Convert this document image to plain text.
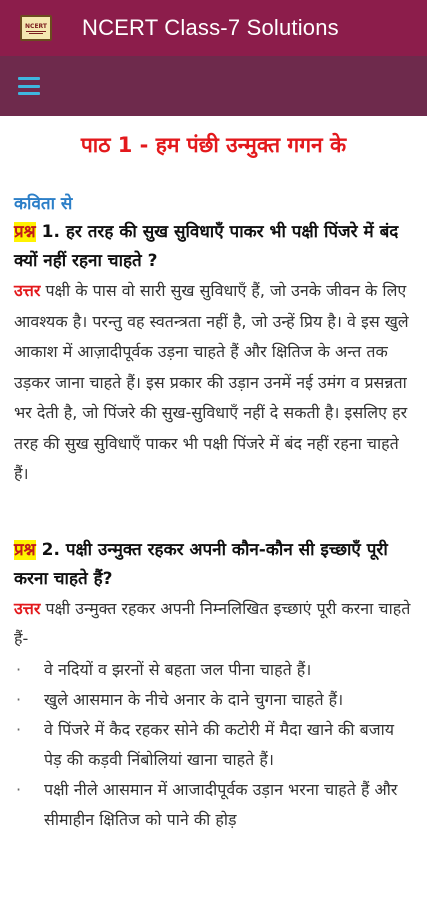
NCERT NCERT Class-7 Solutions
पाठ 1 - हम पंछी उन्मुक्त गगन के
कविता से
प्रश्न 1. हर तरह की सुख सुविधाएँ पाकर भी पक्षी पिंजरे में बंद क्यों नहीं रहना चाहते ?
उत्तर पक्षी के पास वो सारी सुख सुविधाएँ हैं, जो उनके जीवन के लिए आवश्यक है। परन्तु वह स्वतन्त्रता नहीं है, जो उन्हें प्रिय है। वे इस खुले आकाश में आज़ादीपूर्वक उड़ना चाहते हैं और क्षितिज के अन्त तक उड़कर जाना चाहते हैं। इस प्रकार की उड़ान उनमें नई उमंग व प्रसन्नता भर देती है, जो पिंजरे की सुख-सुविधाएँ नहीं दे सकती है। इसलिए हर तरह की सुख सुविधाएँ पाकर भी पक्षी पिंजरे में बंद नहीं रहना चाहते हैं।
प्रश्न 2. पक्षी उन्मुक्त रहकर अपनी कौन-कौन सी इच्छाएँ पूरी करना चाहते हैं?
उत्तर पक्षी उन्मुक्त रहकर अपनी निम्नलिखित इच्छाएं पूरी करना चाहते हैं-
· वे नदियों व झरनों से बहता जल पीना चाहते हैं।
· खुले आसमान के नीचे अनार के दाने चुगना चाहते हैं।
· वे पिंजरे में कैद रहकर सोने की कटोरी में मैदा खाने की बजाय पेड़ की कड़वी निंबोलियां खाना चाहते हैं।
· पक्षी नीले आसमान में आजादीपूर्वक उड़ान भरना चाहते हैं और सीमाहीन क्षितिज को पाने की होड़
